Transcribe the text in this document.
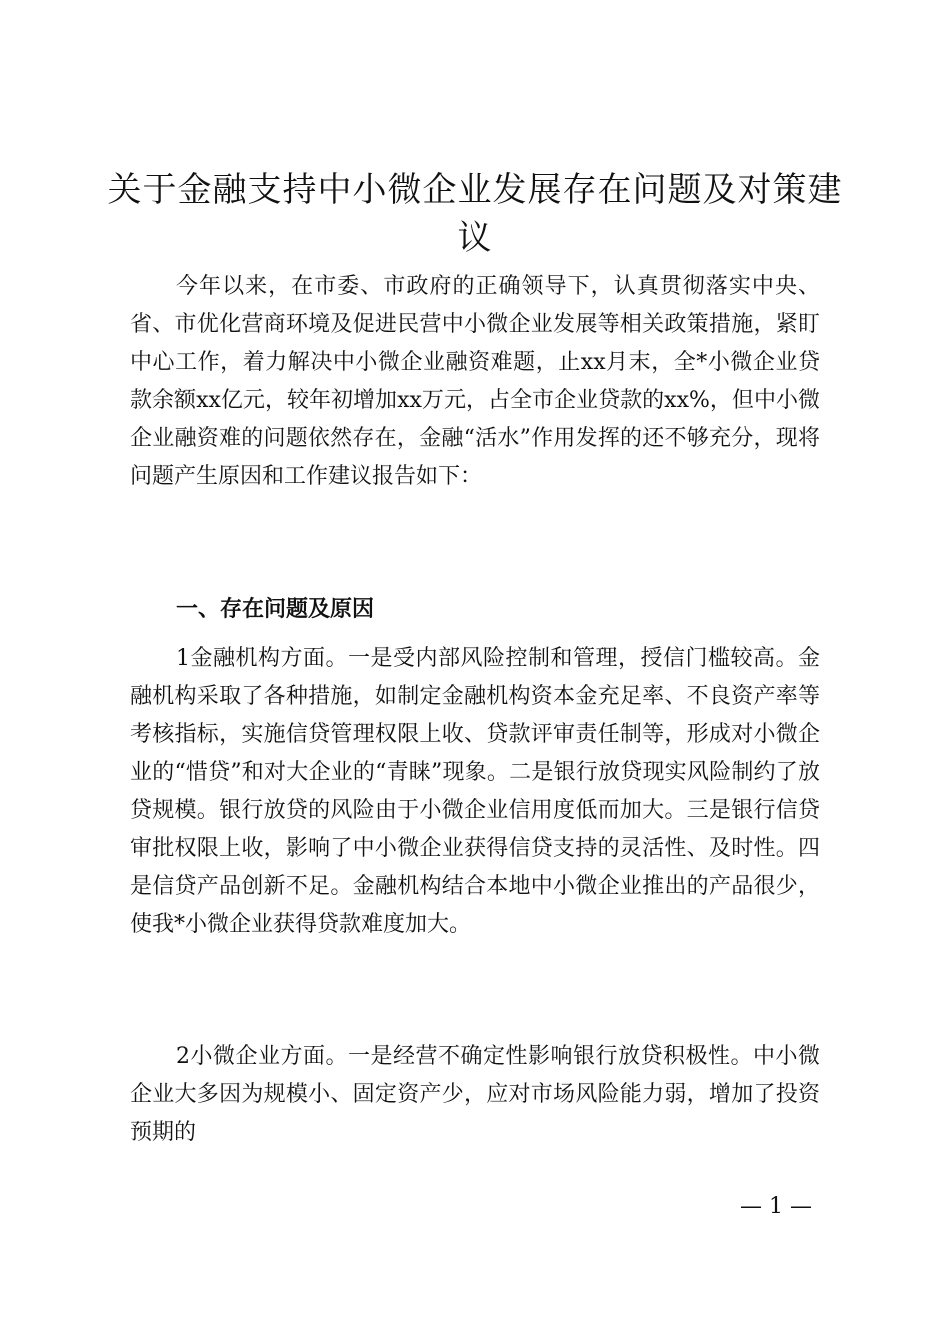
关于金融支持中小微企业发展存在问题及对策建议

今年以来，在市委、市政府的正确领导下，认真贯彻落实中央、省、市优化营商环境及促进民营中小微企业发展等相关政策措施，紧盯中心工作，着力解决中小微企业融资难题，止xx月末，全*小微企业贷款余额xx亿元，较年初增加xx万元，占全市企业贷款的xx%，但中小微企业融资难的问题依然存在，金融“活水”作用发挥的还不够充分，现将问题产生原因和工作建议报告如下：

一、存在问题及原因

1金融机构方面。一是受内部风险控制和管理，授信门槛较高。金融机构采取了各种措施，如制定金融机构资本金充足率、不良资产率等考核指标，实施信贷管理权限上收、贷款评审责任制等，形成对小微企业的“惜贷”和对大企业的“青睐”现象。二是银行放贷现实风险制约了放贷规模。银行放贷的风险由于小微企业信用度低而加大。三是银行信贷审批权限上收，影响了中小微企业获得信贷支持的灵活性、及时性。四是信贷产品创新不足。金融机构结合本地中小微企业推出的产品很少，使我*小微企业获得贷款难度加大。

2小微企业方面。一是经营不确定性影响银行放贷积极性。中小微企业大多因为规模小、固定资产少，应对市场风险能力弱，增加了投资预期的

— 1 —
